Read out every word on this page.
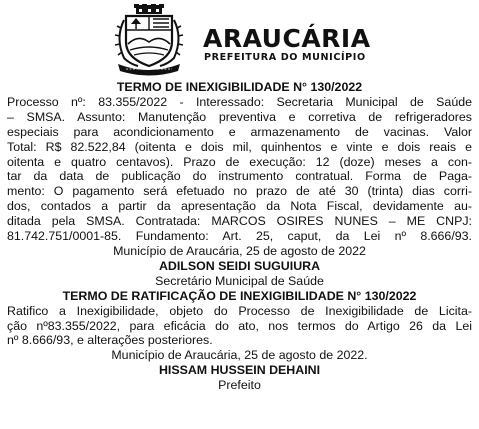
ARAUCÁRIA
PREFEITURA DO MUNICÍPIO
TERMO DE INEXIGIBILIDADE N° 130/2022
Processo nº: 83.355/2022 - Interessado: Secretaria Municipal de Saúde
– SMSA. Assunto: Manutenção preventiva e corretiva de refrigeradores
especiais para acondicionamento e armazenamento de vacinas. Valor
Total: R$ 82.522,84 (oitenta e dois mil, quinhentos e vinte e dois reais e
oitenta e quatro centavos). Prazo de execução: 12 (doze) meses a con-
tar da data de publicação do instrumento contratual. Forma de Paga-
mento: O pagamento será efetuado no prazo de até 30 (trinta) dias corri-
dos, contados a partir da apresentação da Nota Fiscal, devidamente au-
ditada pela SMSA. Contratada: MARCOS OSIRES NUNES – ME CNPJ:
81.742.751/0001-85. Fundamento: Art. 25, caput, da Lei nº 8.666/93.
Município de Araucária, 25 de agosto de 2022
ADILSON SEIDI SUGUIURA
Secretário Municipal de Saúde
TERMO DE RATIFICAÇÃO DE INEXIGIBILIDADE N° 130/2022
Ratifico a Inexigibilidade, objeto do Processo de Inexigibilidade de Licita-
ção nº83.355/2022, para eficácia do ato, nos termos do Artigo 26 da Lei
nº 8.666/93, e alterações posteriores.
Município de Araucária, 25 de agosto de 2022.
HISSAM HUSSEIN DEHAINI
Prefeito
